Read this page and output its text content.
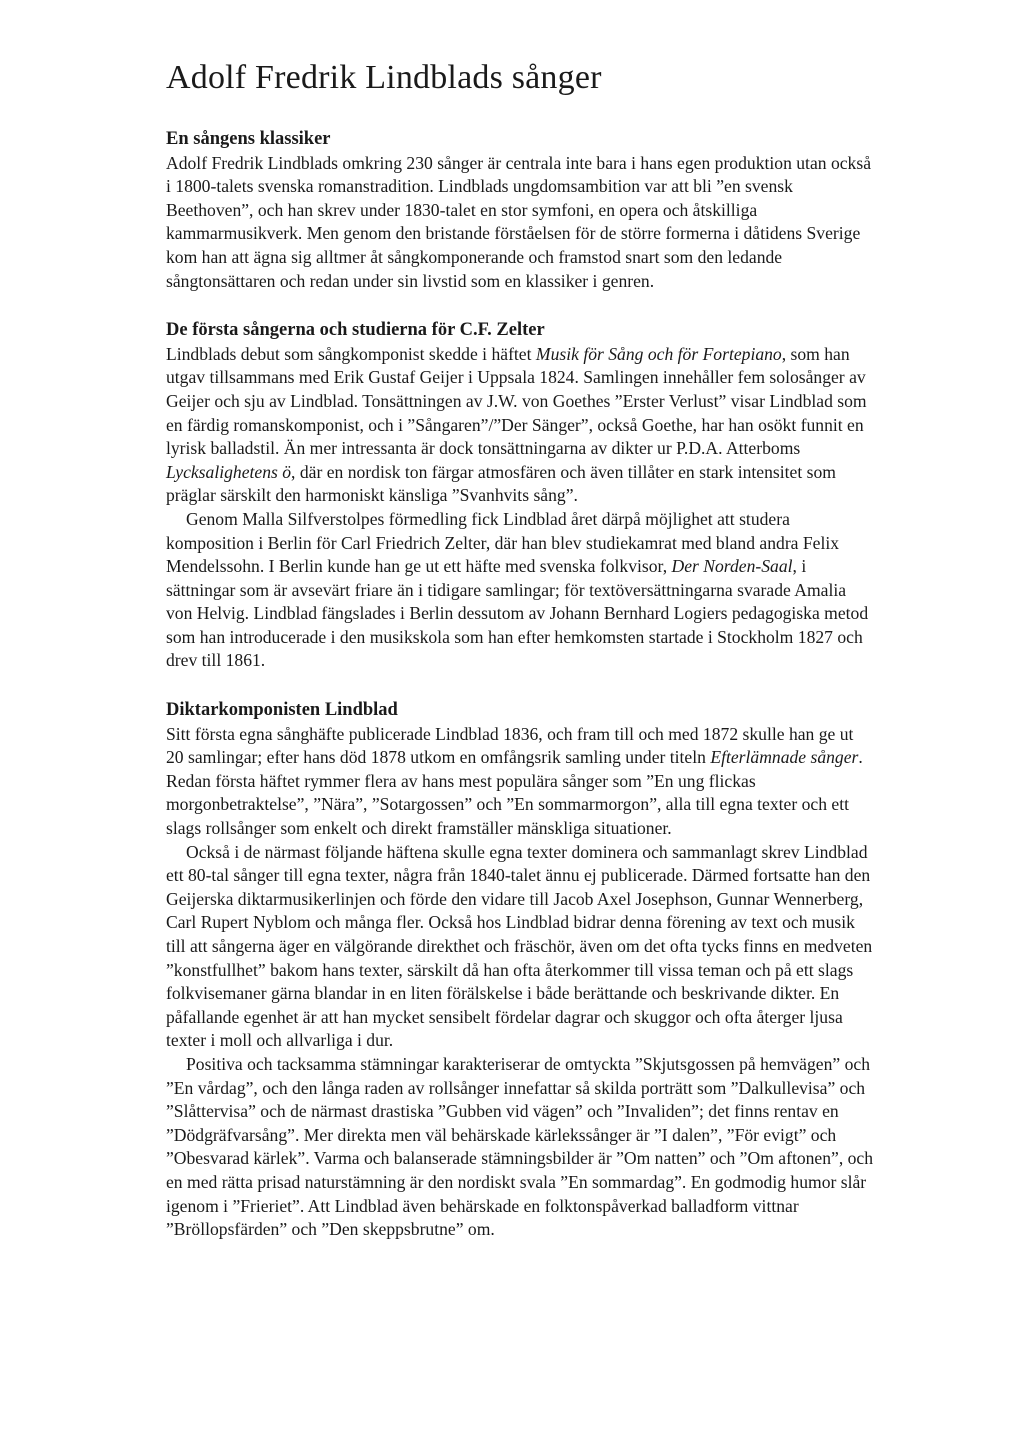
Adolf Fredrik Lindblads sånger
En sångens klassiker

Adolf Fredrik Lindblads omkring 230 sånger är centrala inte bara i hans egen produktion utan också i 1800-talets svenska romanstradition. Lindblads ungdomsambition var att bli ”en svensk Beethoven”, och han skrev under 1830-talet en stor symfoni, en opera och åtskilliga kammarmusikverk. Men genom den bristande förståelsen för de större formerna i dåtidens Sverige kom han att ägna sig alltmer åt sångkomponerande och framstod snart som den ledande sångtonsättaren och redan under sin livstid som en klassiker i genren.

De första sångerna och studierna för C.F. Zelter

Lindblads debut som sångkomponist skedde i häftet Musik för Sång och för Fortepiano, som han utgav tillsammans med Erik Gustaf Geijer i Uppsala 1824. Samlingen innehåller fem solosånger av Geijer och sju av Lindblad. Tonsättningen av J.W. von Goethes ”Erster Verlust” visar Lindblad som en färdig romanskomponist, och i ”Sångaren”/”Der Sänger”, också Goethe, har han osökt funnit en lyrisk balladstil. Än mer intressanta är dock tonsättningarna av dikter ur P.D.A. Atterboms Lycksalighetens ö, där en nordisk ton färgar atmosfären och även tillåter en stark intensitet som präglar särskilt den harmoniskt känsliga ”Svanhvits sång”.

Genom Malla Silfverstolpes förmedling fick Lindblad året därpå möjlighet att studera komposition i Berlin för Carl Friedrich Zelter, där han blev studiekamrat med bland andra Felix Mendelssohn. I Berlin kunde han ge ut ett häfte med svenska folkvisor, Der Norden-Saal, i sättningar som är avsevärt friare än i tidigare samlingar; för textöversättningarna svarade Amalia von Helvig. Lindblad fängslades i Berlin dessutom av Johann Bernhard Logiers pedagogiska metod som han introducerade i den musikskola som han efter hemkomsten startade i Stockholm 1827 och drev till 1861.

Diktarkomponisten Lindblad

Sitt första egna sånghäfte publicerade Lindblad 1836, och fram till och med 1872 skulle han ge ut 20 samlingar; efter hans död 1878 utkom en omfångsrik samling under titeln Efterlämnade sånger. Redan första häftet rymmer flera av hans mest populära sånger som ”En ung flickas morgonbetraktelse”, ”Nära”, ”Sotargossen” och ”En sommarmorgon”, alla till egna texter och ett slags rollsånger som enkelt och direkt framställer mänskliga situationer.

Också i de närmast följande häftena skulle egna texter dominera och sammanlagt skrev Lindblad ett 80-tal sånger till egna texter, några från 1840-talet ännu ej publicerade. Därmed fortsatte han den Geijerska diktarmusikerlinjen och förde den vidare till Jacob Axel Josephson, Gunnar Wennerberg, Carl Rupert Nyblom och många fler. Också hos Lindblad bidrar denna förening av text och musik till att sångerna äger en välgörande direkthet och fräschör, även om det ofta tycks finns en medveten ”konstfullhet” bakom hans texter, särskilt då han ofta återkommer till vissa teman och på ett slags folkvisemaner gärna blandar in en liten förälskelse i både berättande och beskrivande dikter. En påfallande egenhet är att han mycket sensibelt fördelar dagrar och skuggor och ofta återger ljusa texter i moll och allvarliga i dur.

Positiva och tacksamma stämningar karakteriserar de omtyckta ”Skjutsgossen på hemvägen” och ”En vårdag”, och den långa raden av rollsånger innefattar så skilda porträtt som ”Dalkullevisa” och ”Slåttervisa” och de närmast drastiska ”Gubben vid vägen” och ”Invaliden”; det finns rentav en ”Dödgräfvarsång”. Mer direkta men väl behärskade kärlekssånger är ”I dalen”, ”För evigt” och ”Obesvarad kärlek”. Varma och balanserade stämningsbilder är ”Om natten” och ”Om aftonen”, och en med rätta prisad naturstämning är den nordiskt svala ”En sommardag”. En godmodig humor slår igenom i ”Frieriet”. Att Lindblad även behärskade en folktonspåverkad balladform vittnar ”Bröllopsfärden” och ”Den skeppsbrutne” om.
